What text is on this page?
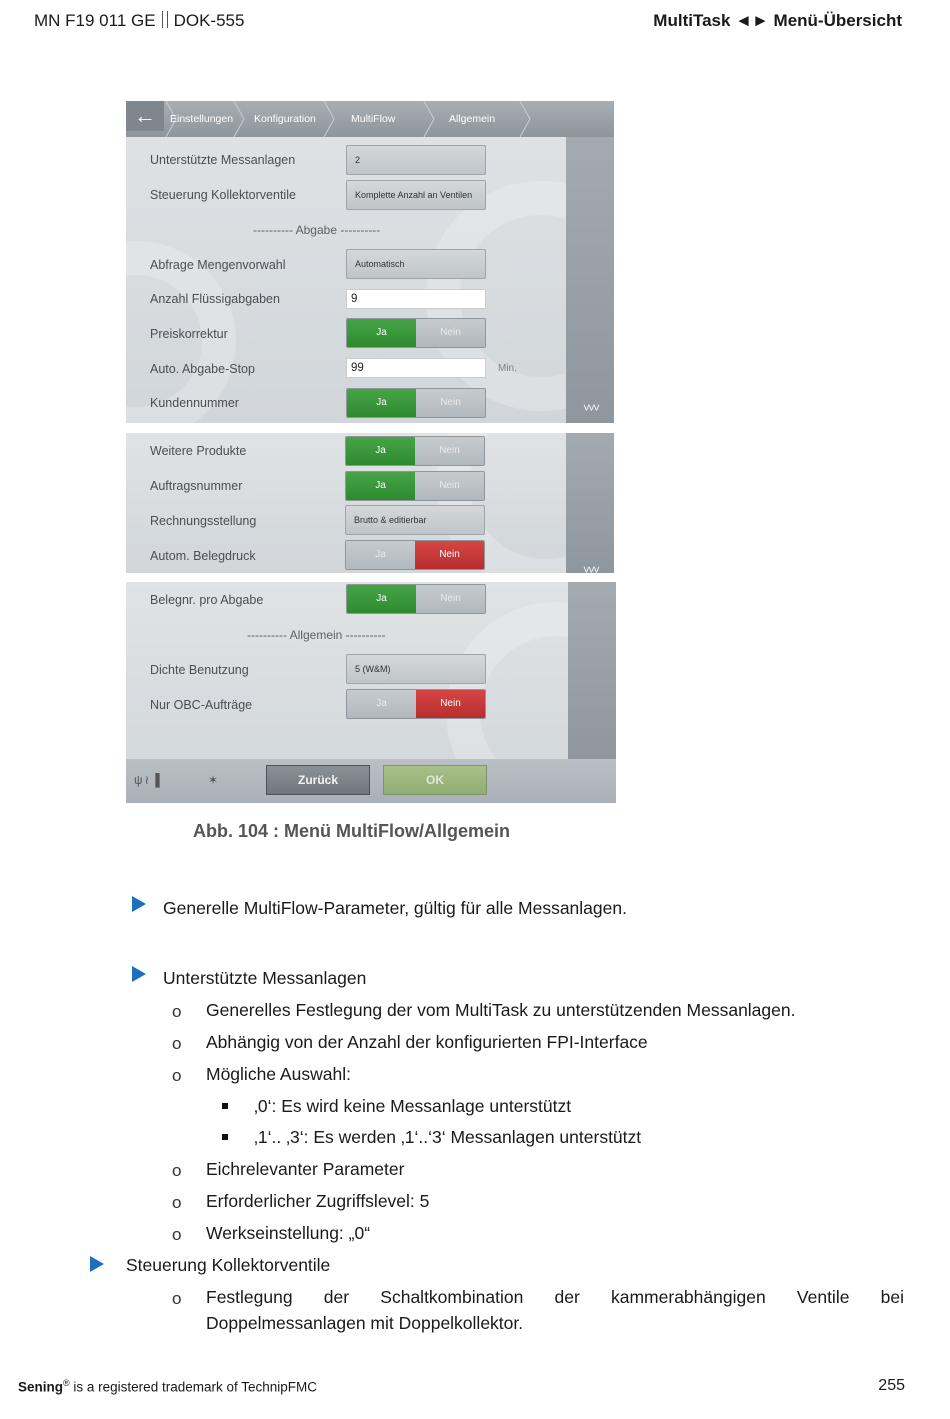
MN F19 011 GE DOK-555	MultiTask ◄► Menü-Übersicht
←	Einstellungen Konfiguration	MultiFlow	Allgemein
˅˅˅
Unterstützte Messanlagen	2
Steuerung Kollektorventile	Komplette Anzahl an Ventilen
---------- Abgabe ----------
Abfrage Mengenvorwahl	Automatisch
Anzahl Flüssigabgaben	9
Preiskorrektur	Ja	Nein
Auto. Abgabe-Stop	99	Min.
Kundennummer	Ja	Nein
˅˅˅
Weitere Produkte	Ja	Nein
Auftragsnummer	Ja	Nein
Rechnungsstellung	Brutto & editierbar
Autom. Belegdruck	Ja	Nein
Belegnr. pro Abgabe	Ja	Nein
---------- Allgemein ----------
Dichte Benutzung	5 (W&M)
Nur OBC-Aufträge	Ja	Nein
ψ≀▐	✶	Zurück	OK
Abb. 104 : Menü MultiFlow/Allgemein
Generelle MultiFlow-Parameter, gültig für alle Messanlagen.
Unterstützte Messanlagen
o Generelles Festlegung der vom MultiTask zu unterstützenden Messanlagen.
o Abhängig von der Anzahl der konfigurierten FPI-Interface
o Mögliche Auswahl:
‚0‘: Es wird keine Messanlage unterstützt
‚1‘.. ‚3‘: Es werden ‚1‘..‘3‘ Messanlagen unterstützt
o Eichrelevanter Parameter
o Erforderlicher Zugriffslevel: 5
o Werkseinstellung: „0“
Steuerung Kollektorventile
o Festlegung der Schaltkombination der kammerabhängigen Ventile bei
Doppelmessanlagen mit Doppelkollektor.
Sening® is a registered trademark of TechnipFMC	255
